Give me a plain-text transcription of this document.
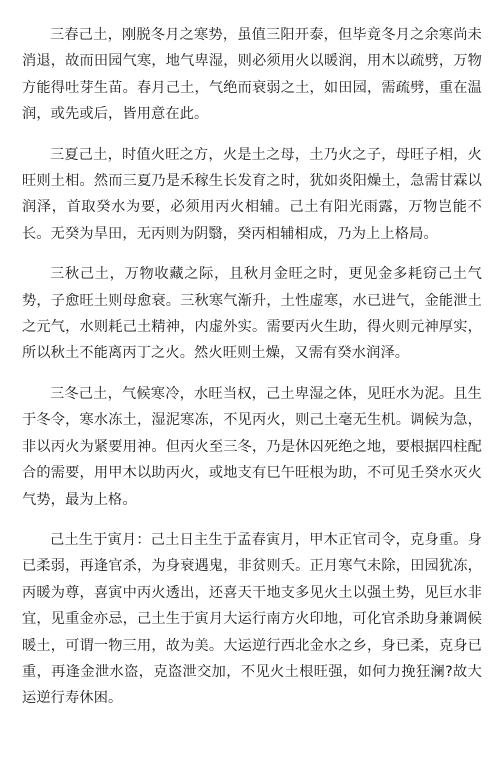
三春己土，刚脱冬月之寒势，虽值三阳开泰，但毕竟冬月之余寒尚未消退，故而田园气寒，地气卑湿，则必须用火以暖润，用木以疏劈，万物方能得吐芽生苗。春月己土，气绝而衰弱之土，如田园，需疏劈，重在温润，或先或后，皆用意在此。

三夏己土，时值火旺之方，火是土之母，土乃火之子，母旺子相，火旺则土相。然而三夏乃是禾稼生长发育之时，犹如炎阳燥土，急需甘霖以润泽，首取癸水为要，必须用丙火相辅。己土有阳光雨露，万物岂能不长。无癸为旱田，无丙则为阴翳，癸丙相辅相成，乃为上上格局。

三秋己土，万物收藏之际，且秋月金旺之时，更见金多耗窃己土气势，子愈旺土则母愈衰。三秋寒气渐升，土性虚寒，水已进气，金能泄土之元气，水则耗己土精神，内虚外实。需要丙火生助，得火则元神厚实，所以秋土不能离丙丁之火。然火旺则土燥，又需有癸水润泽。

三冬己土，气候寒冷，水旺当权，己土卑湿之体，见旺水为泥。且生于冬令，寒水冻土，湿泥寒冻，不见丙火，则己土毫无生机。调候为急，非以丙火为紧要用神。但丙火至三冬，乃是休囚死绝之地，要根据四柱配合的需要，用甲木以助丙火，或地支有巳午旺根为助，不可见壬癸水灭火气势，最为上格。

己土生于寅月：己土日主生于孟春寅月，甲木正官司令，克身重。身已柔弱，再逢官杀，为身衰遇鬼，非贫则夭。正月寒气未除，田园犹冻，丙暖为尊，喜寅中丙火透出，还喜天干地支多见火土以强土势，见巨水非宜，见重金亦忌，己土生于寅月大运行南方火印地，可化官杀助身兼调候暖土，可谓一物三用，故为美。大运逆行西北金水之乡，身已柔，克身已重，再逢金泄水盗，克盗泄交加，不见火土根旺强，如何力挽狂澜?故大运逆行寿休困。
